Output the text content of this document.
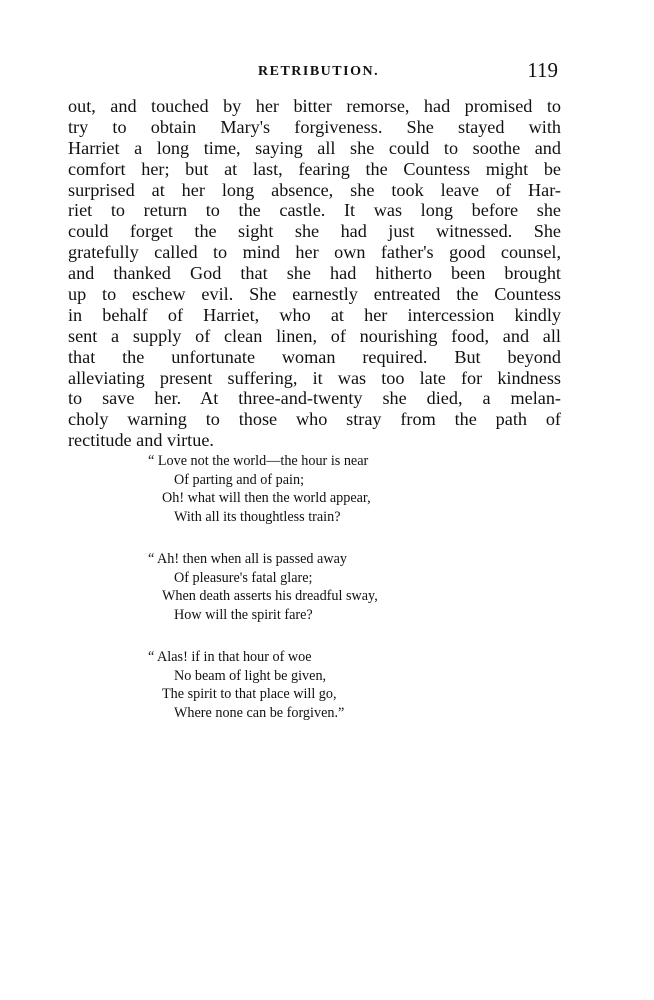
RETRIBUTION.	119
out, and touched by her bitter remorse, had promised to
try to obtain Mary's forgiveness. She stayed with
Harriet a long time, saying all she could to soothe and
comfort her; but at last, fearing the Countess might be
surprised at her long absence, she took leave of Har-
riet to return to the castle. It was long before she
could forget the sight she had just witnessed. She
gratefully called to mind her own father's good counsel,
and thanked God that she had hitherto been brought
up to eschew evil. She earnestly entreated the Countess
in behalf of Harriet, who at her intercession kindly
sent a supply of clean linen, of nourishing food, and all
that the unfortunate woman required. But beyond
alleviating present suffering, it was too late for kindness
to save her. At three-and-twenty she died, a melan-
choly warning to those who stray from the path of
rectitude and virtue.
“ Love not the world—the hour is near
Of parting and of pain;
Oh! what will then the world appear,
With all its thoughtless train?
“ Ah! then when all is passed away
Of pleasure's fatal glare;
When death asserts his dreadful sway,
How will the spirit fare?
“ Alas! if in that hour of woe
No beam of light be given,
The spirit to that place will go,
Where none can be forgiven.”
